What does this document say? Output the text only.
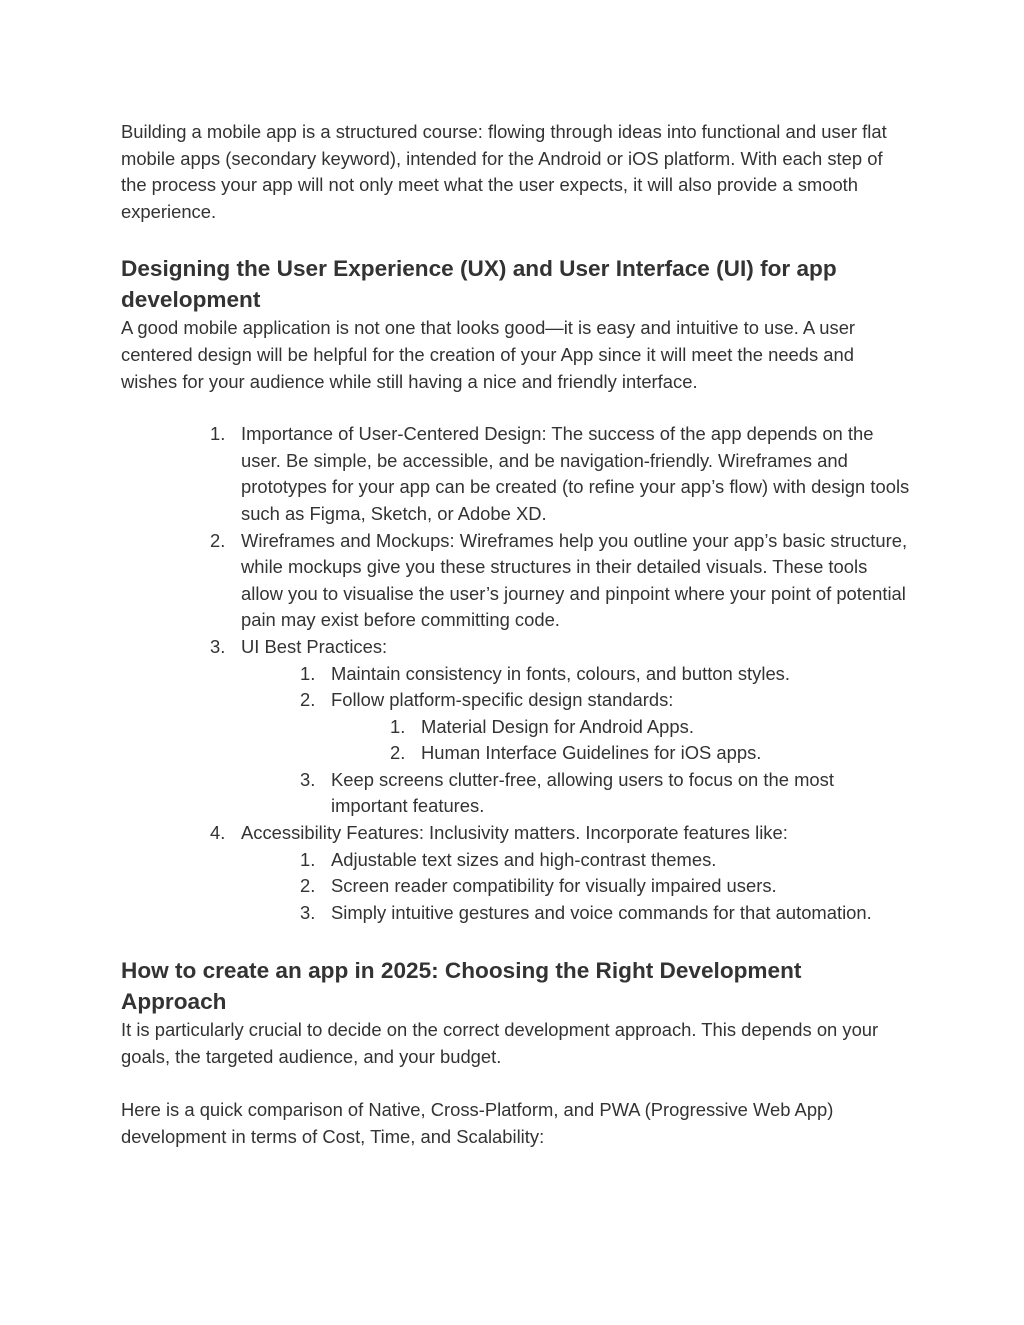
Building a mobile app is a structured course: flowing through ideas into functional and user flat mobile apps (secondary keyword), intended for the Android or iOS platform. With each step of the process your app will not only meet what the user expects, it will also provide a smooth experience.

Designing the User Experience (UX) and User Interface (UI) for app development

A good mobile application is not one that looks good—it is easy and intuitive to use. A user centered design will be helpful for the creation of your App since it will meet the needs and wishes for your audience while still having a nice and friendly interface.

1. Importance of User-Centered Design: The success of the app depends on the user. Be simple, be accessible, and be navigation-friendly. Wireframes and prototypes for your app can be created (to refine your app’s flow) with design tools such as Figma, Sketch, or Adobe XD.
2. Wireframes and Mockups: Wireframes help you outline your app’s basic structure, while mockups give you these structures in their detailed visuals. These tools allow you to visualise the user’s journey and pinpoint where your point of potential pain may exist before committing code.
3. UI Best Practices:
1. Maintain consistency in fonts, colours, and button styles.
2. Follow platform-specific design standards:
1. Material Design for Android Apps.
2. Human Interface Guidelines for iOS apps.
3. Keep screens clutter-free, allowing users to focus on the most important features.
4. Accessibility Features: Inclusivity matters. Incorporate features like:
1. Adjustable text sizes and high-contrast themes.
2. Screen reader compatibility for visually impaired users.
3. Simply intuitive gestures and voice commands for that automation.
How to create an app in 2025: Choosing the Right Development Approach

It is particularly crucial to decide on the correct development approach. This depends on your goals, the targeted audience, and your budget.

Here is a quick comparison of Native, Cross-Platform, and PWA (Progressive Web App) development in terms of Cost, Time, and Scalability:
